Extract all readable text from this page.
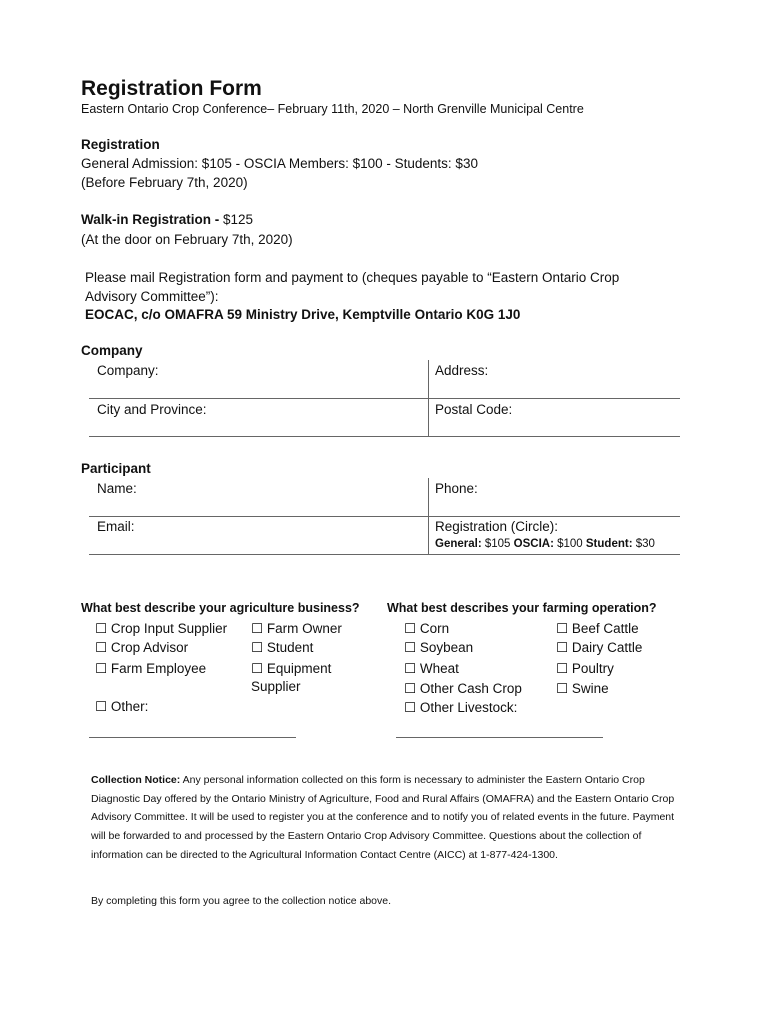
Registration Form
Eastern Ontario Crop Conference– February 11th, 2020 – North Grenville Municipal Centre
Registration
General Admission: $105 - OSCIA Members: $100 - Students: $30
(Before February 7th, 2020)
Walk-in Registration - $125
(At the door on February 7th, 2020)
Please mail Registration form and payment to (cheques payable to “Eastern Ontario Crop
Advisory Committee”):
EOCAC, c/o OMAFRA 59 Ministry Drive, Kemptville Ontario K0G 1J0
Company
Company:	Address:
City and Province:	Postal Code:
Participant
Name:	Phone:
Email:	Registration (Circle):
General: $105 OSCIA: $100 Student: $30
What best describe your agriculture business?
☐ Crop Input Supplier ☐ Farm Owner
☐ Crop Advisor	☐ Student
☐ Farm Employee	☐ Equipment
Supplier
☐ Other:
What best describes your farming operation?
☐ Corn	☐ Beef Cattle
☐ Soybean	☐ Dairy Cattle
☐ Wheat	☐ Poultry
☐ Other Cash Crop	☐ Swine
☐ Other Livestock:
Collection Notice: Any personal information collected on this form is necessary to administer the Eastern Ontario Crop Diagnostic Day offered by the Ontario Ministry of Agriculture, Food and Rural Affairs (OMAFRA) and the Eastern Ontario Crop Advisory Committee. It will be used to register you at the conference and to notify you of related events in the future. Payment will be forwarded to and processed by the Eastern Ontario Crop Advisory Committee. Questions about the collection of information can be directed to the Agricultural Information Contact Centre (AICC) at 1-877-424-1300.
By completing this form you agree to the collection notice above.
